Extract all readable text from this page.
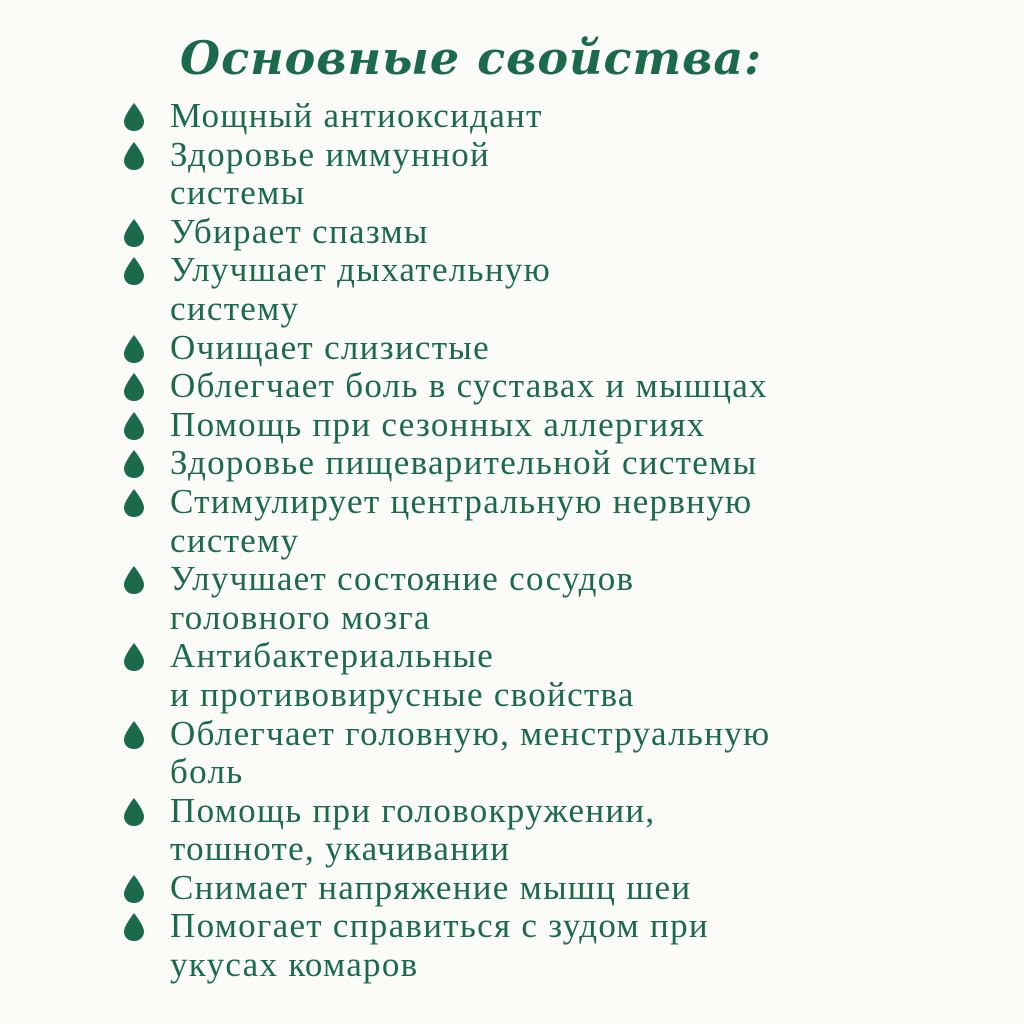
Основные свойства:
Мощный антиоксидант
Здоровье иммунной
системы
Убирает спазмы
Улучшает дыхательную
систему
Очищает слизистые
Облегчает боль в суставах и мышцах
Помощь при сезонных аллергиях
Здоровье пищеварительной системы
Стимулирует центральную нервную
систему
Улучшает состояние сосудов
головного мозга
Антибактериальные
и противовирусные свойства
Облегчает головную, менструальную
боль
Помощь при головокружении,
тошноте, укачивании
Снимает напряжение мышц шеи
Помогает справиться с зудом при
укусах комаров
